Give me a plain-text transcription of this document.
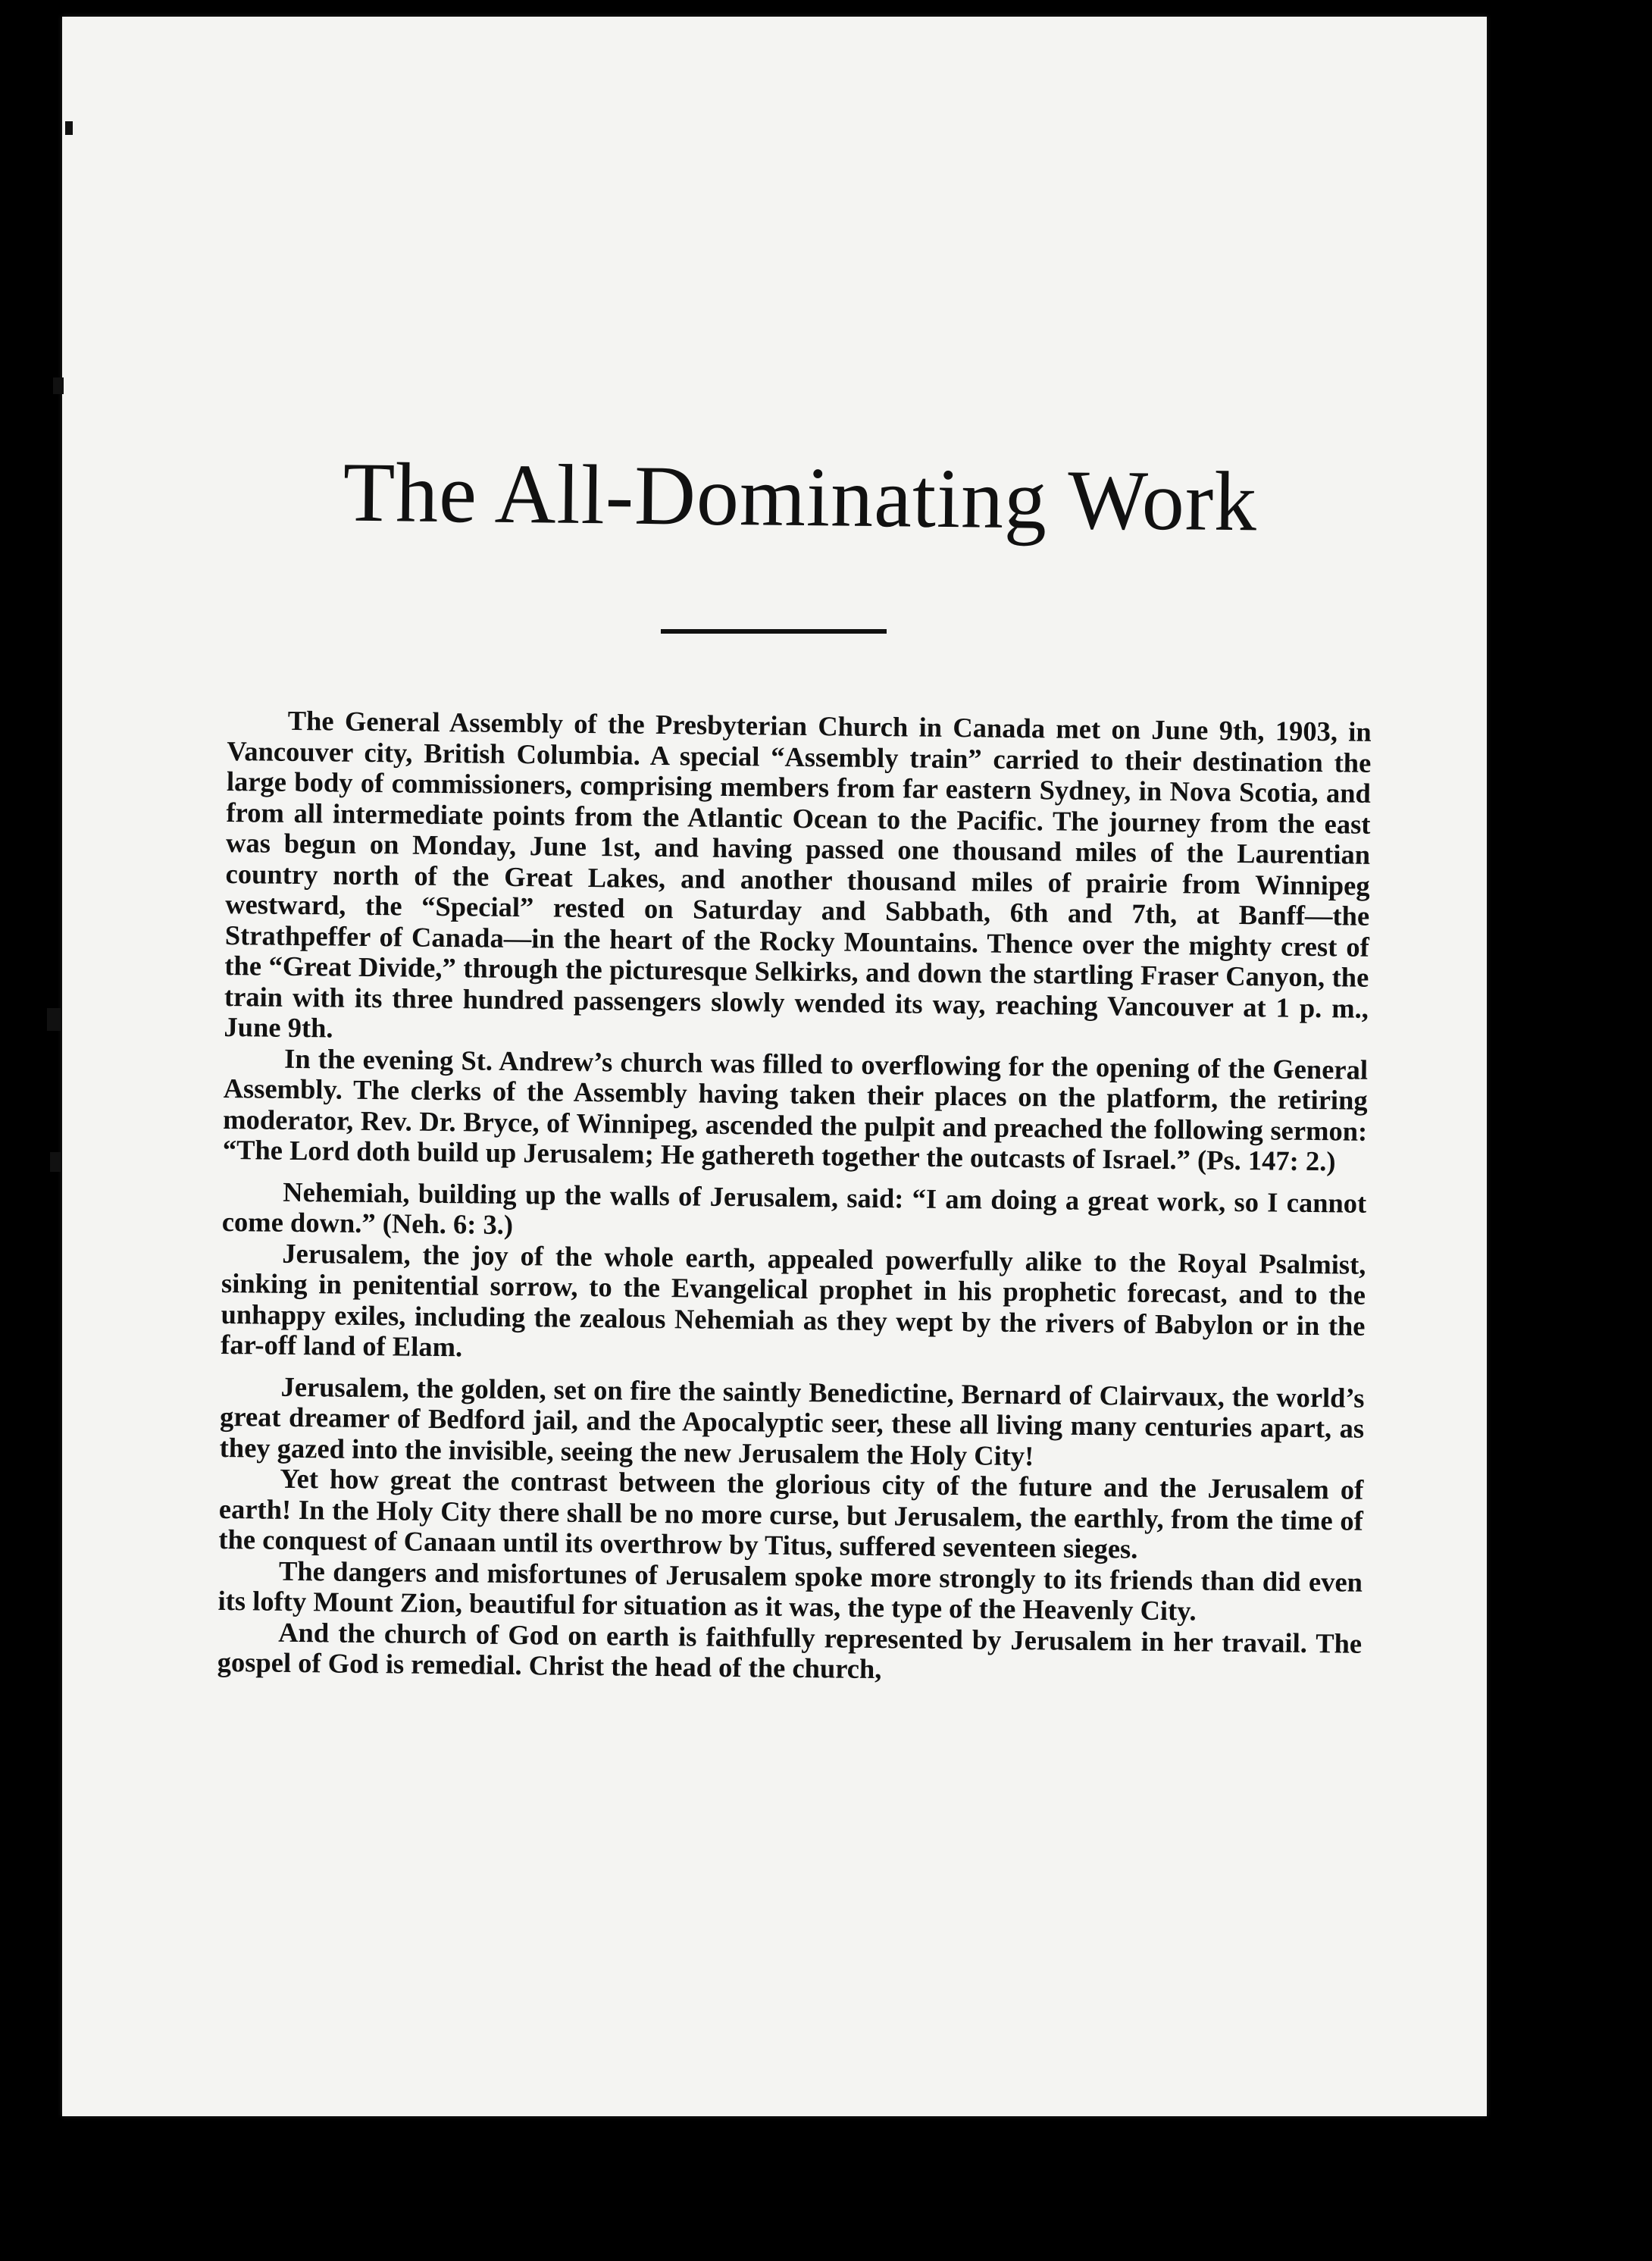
The All-Dominating Work

The General Assembly of the Presbyterian Church in Canada met on June 9th, 1903, in Vancouver city, British Columbia. A special “Assembly train” carried to their destination the large body of commissioners, comprising members from far eastern Sydney, in Nova Scotia, and from all intermediate points from the Atlantic Ocean to the Pacific. The journey from the east was begun on Monday, June 1st, and having passed one thousand miles of the Laurentian country north of the Great Lakes, and another thousand miles of prairie from Winnipeg westward, the “Special” rested on Saturday and Sabbath, 6th and 7th, at Banff—the Strathpeffer of Canada—in the heart of the Rocky Mountains. Thence over the mighty crest of the “Great Divide,” through the picturesque Selkirks, and down the startling Fraser Canyon, the train with its three hundred passengers slowly wended its way, reaching Vancouver at 1 p. m., June 9th.

In the evening St. Andrew’s church was filled to overflowing for the opening of the General Assembly. The clerks of the Assembly having taken their places on the platform, the retiring moderator, Rev. Dr. Bryce, of Winnipeg, ascended the pulpit and preached the following sermon: “The Lord doth build up Jerusalem; He gathereth together the outcasts of Israel.” (Ps. 147: 2.)

Nehemiah, building up the walls of Jerusalem, said: “I am doing a great work, so I cannot come down.” (Neh. 6: 3.)

Jerusalem, the joy of the whole earth, appealed powerfully alike to the Royal Psalmist, sinking in penitential sorrow, to the Evangelical prophet in his prophetic forecast, and to the unhappy exiles, including the zealous Nehemiah as they wept by the rivers of Babylon or in the far-off land of Elam.

Jerusalem, the golden, set on fire the saintly Benedictine, Bernard of Clairvaux, the world’s great dreamer of Bedford jail, and the Apocalyptic seer, these all living many centuries apart, as they gazed into the invisible, seeing the new Jerusalem the Holy City!

Yet how great the contrast between the glorious city of the future and the Jerusalem of earth! In the Holy City there shall be no more curse, but Jerusalem, the earthly, from the time of the conquest of Canaan until its overthrow by Titus, suffered seventeen sieges.

The dangers and misfortunes of Jerusalem spoke more strongly to its friends than did even its lofty Mount Zion, beautiful for situation as it was, the type of the Heavenly City.

And the church of God on earth is faithfully represented by Jerusalem in her travail. The gospel of God is remedial. Christ the head of the church,
